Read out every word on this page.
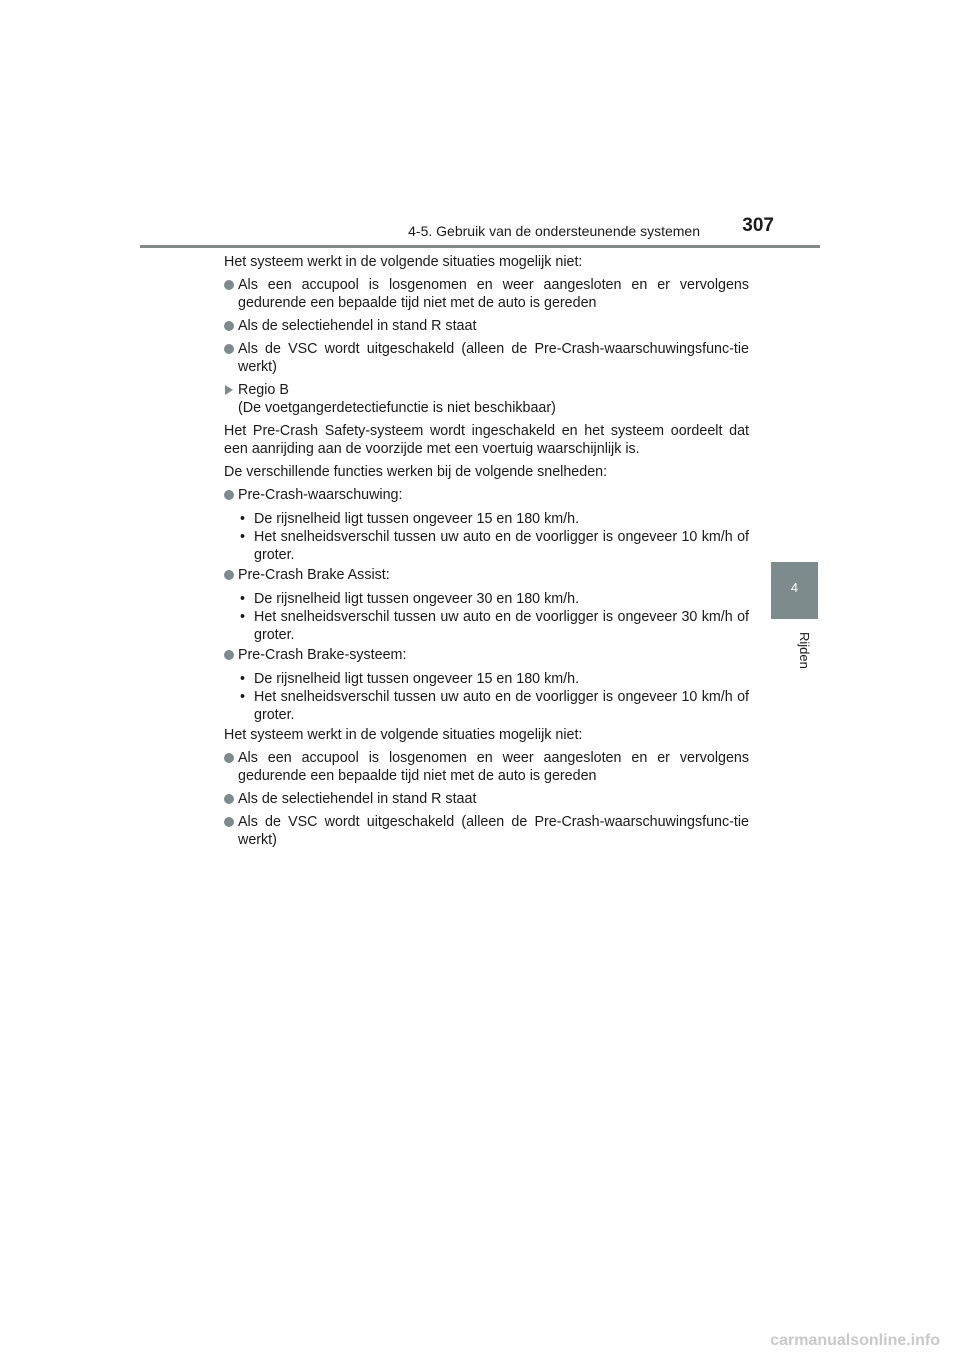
4-5. Gebruik van de ondersteunende systemen 307
4
Rijden

Het systeem werkt in de volgende situaties mogelijk niet:

Als een accupool is losgenomen en weer aangesloten en er vervolgens gedurende een bepaalde tijd niet met de auto is gereden
Als de selectiehendel in stand R staat
Als de VSC wordt uitgeschakeld (alleen de Pre-Crash-waarschuwingsfunc-tie werkt)
Regio B
(De voetgangerdetectiefunctie is niet beschikbaar)

Het Pre-Crash Safety-systeem wordt ingeschakeld en het systeem oordeelt dat een aanrijding aan de voorzijde met een voertuig waarschijnlijk is.

De verschillende functies werken bij de volgende snelheden:

Pre-Crash-waarschuwing:

• De rijsnelheid ligt tussen ongeveer 15 en 180 km/h.

• Het snelheidsverschil tussen uw auto en de voorligger is ongeveer 10 km/h of groter.

Pre-Crash Brake Assist:

• De rijsnelheid ligt tussen ongeveer 30 en 180 km/h.

• Het snelheidsverschil tussen uw auto en de voorligger is ongeveer 30 km/h of groter.

Pre-Crash Brake-systeem:

• De rijsnelheid ligt tussen ongeveer 15 en 180 km/h.

• Het snelheidsverschil tussen uw auto en de voorligger is ongeveer 10 km/h of groter.

Het systeem werkt in de volgende situaties mogelijk niet:

Als een accupool is losgenomen en weer aangesloten en er vervolgens gedurende een bepaalde tijd niet met de auto is gereden
Als de selectiehendel in stand R staat
Als de VSC wordt uitgeschakeld (alleen de Pre-Crash-waarschuwingsfunc-tie werkt)
carmanualsonline.info
